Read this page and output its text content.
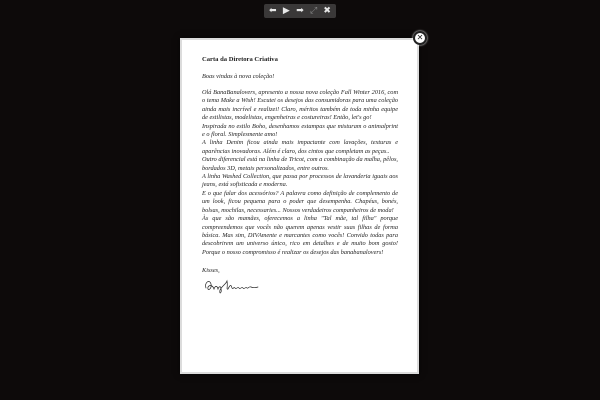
⬅ ▶ ➡ ⤢ ✖
Carta da Diretora Criativa
Boas vindas à nova coleção!

Olá BanaBanalovers, apresento a nossa nova coleção Fall Winter 2016, com o tema Make a Wish! Escutei os desejos das consumidoras para uma coleção ainda mais incrível e realizei! Claro, méritos também de toda minha equipe de estilistas, modelistas, engenheiras e costureiras! Então, let's go!

Inspirada no estilo Boho, desenhamos estampas que misturam o animalprint e o floral. Simplesmente amo!

A linha Denim ficou ainda mais impactante com lavações, texturas e aparências inovadoras. Além é claro, dos cintos que completam as peças..

Outro diferencial está na linha de Tricot, com a combinação da malha, pêlos, bordados 3D, metais personalizados, entre outros.

A linha Washed Collection, que passa por processos de lavanderia iguais aos jeans, está sofisticada e moderna.

E o que falar dos acessórios? A palavra como definição de complemento de um look, ficou pequena para o poder que desempenha. Chapéus, bonés, bolsas, mochilas, necessaries... Nossos verdadeiros companheiros de moda!

Às que são mamães, oferecemos a linha "Tal mãe, tal filha" porque compreendemos que vocês não querem apenas vestir suas filhas de forma básica. Mas sim, DIVAmente e marcantes como vocês! Convido todas para descobrirem um universo único, rico em detalhes e de muito bom gosto! Porque o nosso compromisso é realizar os desejos das banabanalovers!

Kisses,
✕
